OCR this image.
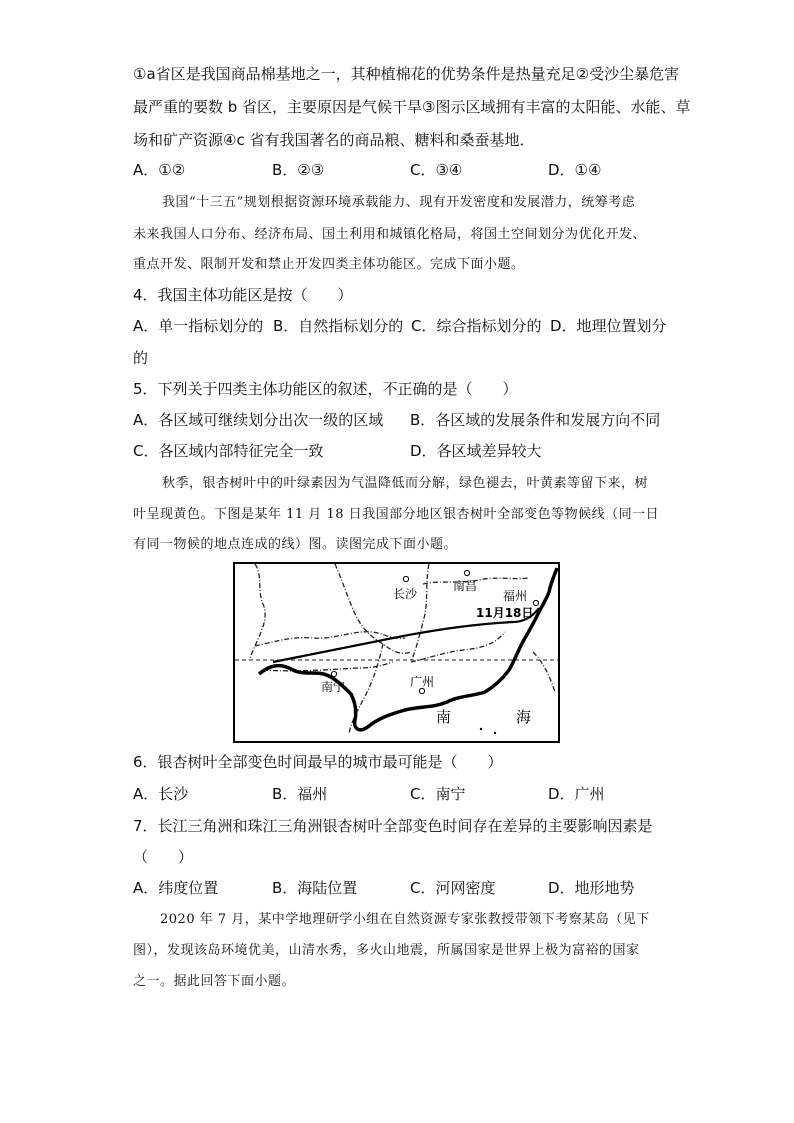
①a省区是我国商品棉基地之一，其种植棉花的优势条件是热量充足②受沙尘暴危害
最严重的要数 b 省区，主要原因是气候干旱③图示区域拥有丰富的太阳能、水能、草
场和矿产资源④c 省有我国著名的商品粮、糖料和桑蚕基地．
A．①②	B．②③	C．③④	D．①④
我国“十三五”规划根据资源环境承载能力、现有开发密度和发展潜力，统筹考虑
未来我国人口分布、经济布局、国土利用和城镇化格局，将国土空间划分为优化开发、
重点开发、限制开发和禁止开发四类主体功能区。完成下面小题。
4．我国主体功能区是按（　　）
A．单一指标划分的 B．自然指标划分的 C．综合指标划分的 D．地理位置划分
的
5．下列关于四类主体功能区的叙述，不正确的是（　　）
A．各区域可继续划分出次一级的区域 B．各区域的发展条件和发展方向不同
C．各区域内部特征完全一致	D．各区域差异较大
秋季，银杏树叶中的叶绿素因为气温降低而分解，绿色褪去，叶黄素等留下来，树
叶呈现黄色。下图是某年 11 月 18 日我国部分地区银杏树叶全部变色等物候线（同一日
有同一物候的地点连成的线）图。读图完成下面小题。
长沙
南昌
福州
11月18日
南宁	广州
南	海
6．银杏树叶全部变色时间最早的城市最可能是（　　）
A．长沙	B．福州	C．南宁	D．广州
7．长江三角洲和珠江三角洲银杏树叶全部变色时间存在差异的主要影响因素是
（　　）
A．纬度位置	B．海陆位置	C．河网密度	D．地形地势
2020 年 7 月，某中学地理研学小组在自然资源专家张教授带领下考察某岛（见下
图），发现该岛环境优美，山清水秀，多火山地震，所属国家是世界上极为富裕的国家
之一。据此回答下面小题。
